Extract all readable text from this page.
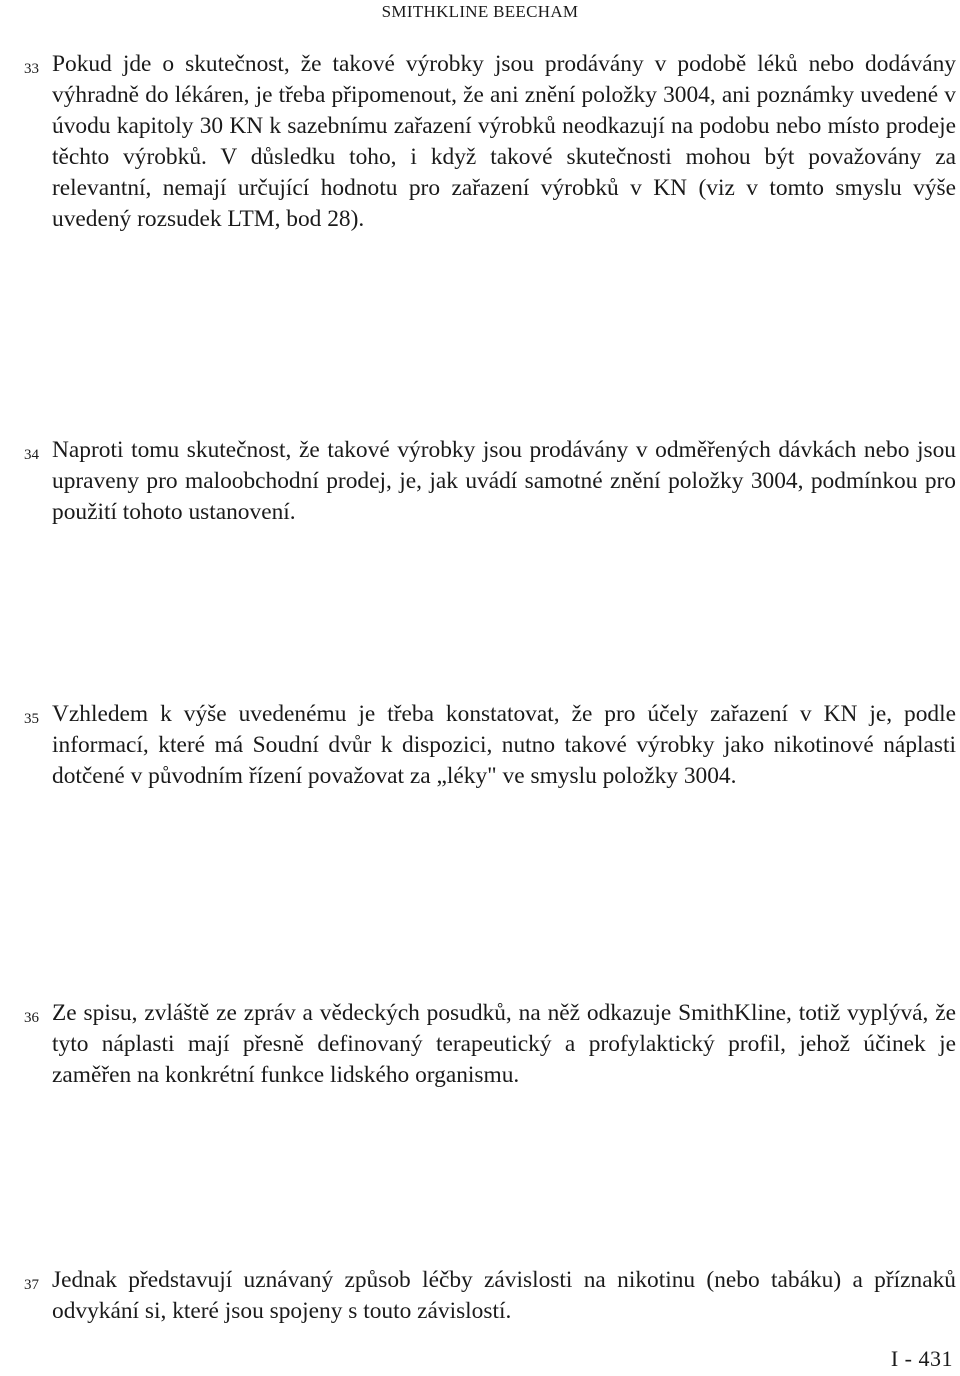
SMITHKLINE BEECHAM
33 Pokud jde o skutečnost, že takové výrobky jsou prodávány v podobě léků nebo dodávány výhradně do lékáren, je třeba připomenout, že ani znění položky 3004, ani poznámky uvedené v úvodu kapitoly 30 KN k sazebnímu zařazení výrobků neodkazují na podobu nebo místo prodeje těchto výrobků. V důsledku toho, i když takové skutečnosti mohou být považovány za relevantní, nemají určující hodnotu pro zařazení výrobků v KN (viz v tomto smyslu výše uvedený rozsudek LTM, bod 28).

34 Naproti tomu skutečnost, že takové výrobky jsou prodávány v odměřených dávkách nebo jsou upraveny pro maloobchodní prodej, je, jak uvádí samotné znění položky 3004, podmínkou pro použití tohoto ustanovení.

35 Vzhledem k výše uvedenému je třeba konstatovat, že pro účely zařazení v KN je, podle informací, které má Soudní dvůr k dispozici, nutno takové výrobky jako nikotinové náplasti dotčené v původním řízení považovat za „léky" ve smyslu položky 3004.

36 Ze spisu, zvláště ze zpráv a vědeckých posudků, na něž odkazuje SmithKline, totiž vyplývá, že tyto náplasti mají přesně definovaný terapeutický a profylaktický profil, jehož účinek je zaměřen na konkrétní funkce lidského organismu.

37 Jednak představují uznávaný způsob léčby závislosti na nikotinu (nebo tabáku) a příznaků odvykání si, které jsou spojeny s touto závislostí.

I - 431
